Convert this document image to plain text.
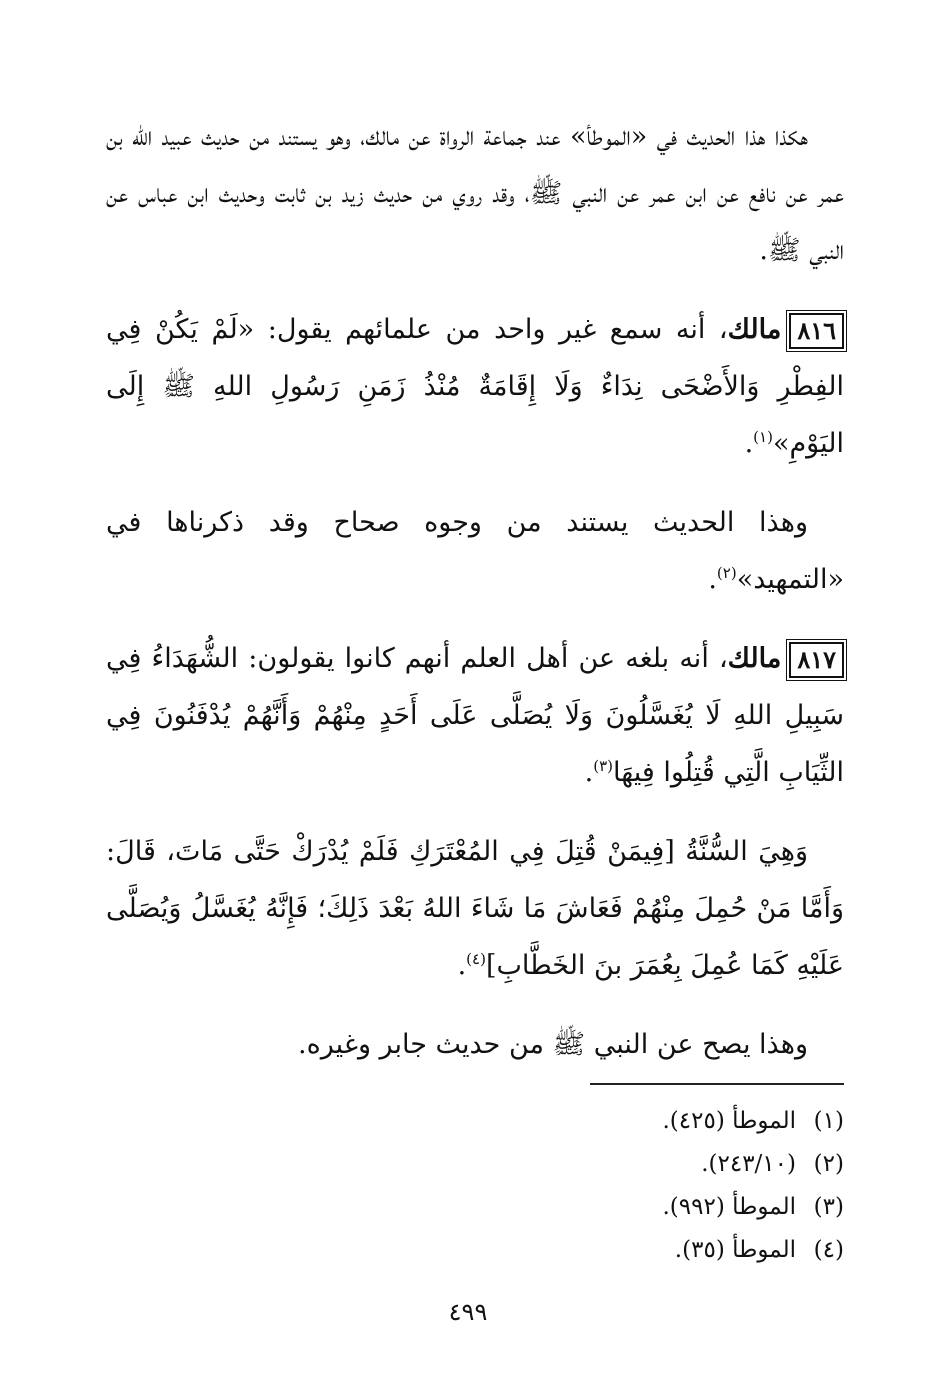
هكذا هذا الحديث في «الموطأ» عند جماعة الرواة عن مالك، وهو يستند من حديث عبيد الله بن عمر عن نافع عن ابن عمر عن النبي ﷺ، وقد روي من حديث زيد بن ثابت وحديث ابن عباس عن النبي ﷺ.

٨١٦مالك، أنه سمع غير واحد من علمائهم يقول: «لَمْ يَكُنْ فِي الفِطْرِ وَالأَضْحَى نِدَاءٌ وَلَا إِقَامَةٌ مُنْذُ زَمَنِ رَسُولِ اللهِ ﷺ إِلَى اليَوْمِ»$^{(١)}$.

وهذا الحديث يستند من وجوه صحاح وقد ذكرناها في «التمهيد»$^{(٢)}$.

٨١٧مالك، أنه بلغه عن أهل العلم أنهم كانوا يقولون: الشُّهَدَاءُ فِي سَبِيلِ اللهِ لَا يُغَسَّلُونَ وَلَا يُصَلَّى عَلَى أَحَدٍ مِنْهُمْ وَأَنَّهُمْ يُدْفَنُونَ فِي الثِّيَابِ الَّتِي قُتِلُوا فِيهَا$^{(٣)}$.

وَهِيَ السُّنَّةُ [فِيمَنْ قُتِلَ فِي المُعْتَرَكِ فَلَمْ يُدْرَكْ حَتَّى مَاتَ، قَالَ: وَأَمَّا مَنْ حُمِلَ مِنْهُمْ فَعَاشَ مَا شَاءَ اللهُ بَعْدَ ذَلِكَ؛ فَإِنَّهُ يُغَسَّلُ وَيُصَلَّى عَلَيْهِ كَمَا عُمِلَ بِعُمَرَ بنَ الخَطَّابِ]$^{(٤)}$.

وهذا يصح عن النبي ﷺ من حديث جابر وغيره.

(١)الموطأ (٤٢٥).
(٢)(٢٤٣/١٠).
(٣)الموطأ (٩٩٢).
(٤)الموطأ (٣٥).
٤٩٩
